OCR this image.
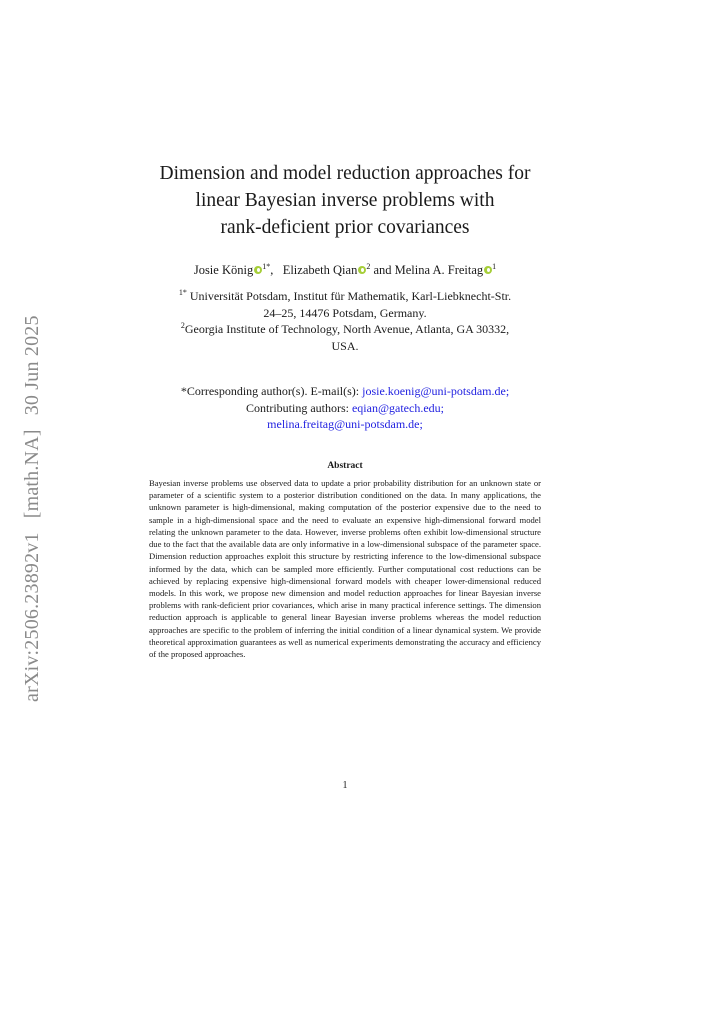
arXiv:2506.23892v1[math.NA]30 Jun 2025
Dimension and model reduction approaches for
linear Bayesian inverse problems with
rank-deficient prior covariances
Josie König $^{1*}$,   Elizabeth Qian $^2$ and Melina A. Freitag $^1$
$^{1*}$ Universität Potsdam, Institut für Mathematik, Karl-Liebknecht-Str.
24–25, 14476 Potsdam, Germany.
$^2$Georgia Institute of Technology, North Avenue, Atlanta, GA 30332,
USA.
*Corresponding author(s). E-mail(s): josie.koenig@uni-potsdam.de;
Contributing authors: eqian@gatech.edu;
melina.freitag@uni-potsdam.de;
Abstract
Bayesian inverse problems use observed data to update a prior probability distribution for an unknown state or parameter of a scientific system to a posterior distribution conditioned on the data. In many applications, the unknown parameter is high-dimensional, making computation of the posterior expensive due to the need to sample in a high-dimensional space and the need to evaluate an expensive high-dimensional forward model relating the unknown parameter to the data. However, inverse problems often exhibit low-dimensional structure due to the fact that the available data are only informative in a low-dimensional subspace of the parameter space. Dimension reduction approaches exploit this structure by restricting inference to the low-dimensional subspace informed by the data, which can be sampled more efficiently. Further computational cost reductions can be achieved by replacing expensive high-dimensional forward models with cheaper lower-dimensional reduced models. In this work, we propose new dimension and model reduction approaches for linear Bayesian inverse problems with rank-deficient prior covariances, which arise in many practical inference settings. The dimension reduction approach is applicable to general linear Bayesian inverse problems whereas the model reduction approaches are specific to the problem of inferring the initial condition of a linear dynamical system. We provide theoretical approximation guarantees as well as numerical experiments demonstrating the accuracy and efficiency of the proposed approaches.
1
